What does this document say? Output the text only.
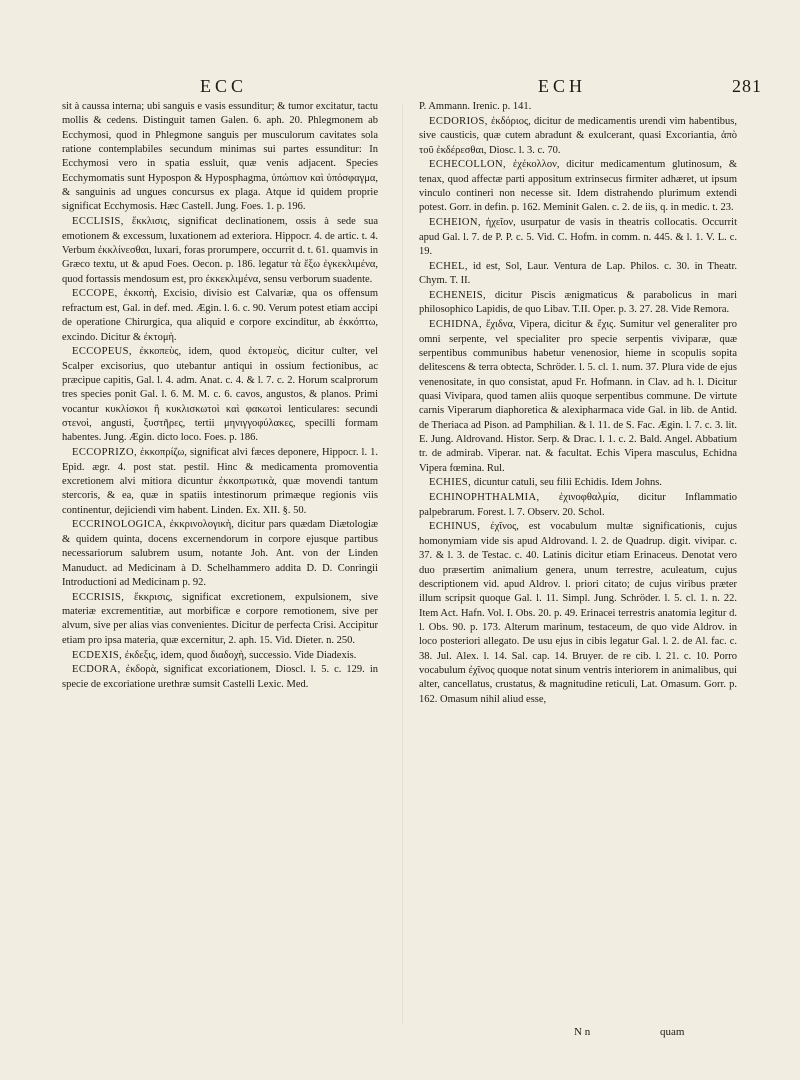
ECC	ECH	281

sit à caussa interna; ubi sanguis e vasis essunditur; & tumor excitatur, tactu mollis & cedens. Distinguit tamen Galen. 6. aph. 20. Phlegmonem ab Ecchymosi, quod in Phlegmone sanguis per musculorum cavitates sola ratione contemplabiles secundum minimas sui partes essunditur: In Ecchymosi vero in spatia essluit, quæ venis adjacent. Species Ecchymomatis sunt Hypospon & Hyposphagma, ὑπώπιον καὶ ὑπόσφαγμα, & sanguinis ad ungues concursus ex plaga. Atque id quidem proprie significat Ecchymosis. Hæc Castell. Jung. Foes. 1. p. 196.

ECCLISIS, ἔκκλισις, significat declinationem, ossis à sede sua emotionem & excessum, luxationem ad exteriora. Hippocr. 4. de artic. t. 4. Verbum ἐκκλίνεσθαι, luxari, foras prorumpere, occurrit d. t. 61. quamvis in Græco textu, ut & apud Foes. Oecon. p. 186. legatur τὰ ἔξω ἐγκεκλιμένα, quod fortassis mendosum est, pro ἐκκεκλιμένα, sensu verborum suadente.

ECCOPE, ἐκκοπὴ, Excisio, divisio est Calvariæ, qua os offensum refractum est, Gal. in def. med. Ægin. l. 6. c. 90. Verum potest etiam accipi de operatione Chirurgica, qua aliquid e corpore excinditur, ab ἐκκόπτω, excindo. Dicitur & ἐκτομὴ.

ECCOPEUS, ἐκκοπεὺς, idem, quod ἐκτομεὺς, dicitur culter, vel Scalper excisorius, quo utebantur antiqui in ossium fectionibus, ac præcipue capitis, Gal. l. 4. adm. Anat. c. 4. & l. 7. c. 2. Horum scalprorum tres species ponit Gal. l. 6. M. M. c. 6. cavos, angustos, & planos. Primi vocantur κυκλίσκοι ἢ κυκλισκωτοὶ καὶ φακωτοὶ lenticulares: secundi στενοὶ, angusti, ξυστῆρες, tertii μηνιγγοφύλακες, specilli formam habentes. Jung. Ægin. dicto loco. Foes. p. 186.

ECCOPRIZO, ἐκκοπρίζω, significat alvi fæces deponere, Hippocr. l. 1. Epid. ægr. 4. post stat. pestil. Hinc & medicamenta promoventia excretionem alvi mitiora dicuntur ἐκκοπρωτικὰ, quæ movendi tantum stercoris, & ea, quæ in spatiis intestinorum primæque regionis viis continentur, dejiciendi vim habent. Linden. Ex. XII. §. 50.

ECCRINOLOGICA, ἐκκρινολογικὴ, dicitur pars quædam Diætologiæ & quidem quinta, docens excernendorum in corpore ejusque partibus necessariorum salubrem usum, notante Joh. Ant. von der Linden Manuduct. ad Medicinam à D. Schelhammero addita D. D. Conringii Introductioni ad Medicinam p. 92.

ECCRISIS, ἔκκρισις, significat excretionem, expulsionem, sive materiæ excrementitiæ, aut morbificæ e corpore remotionem, sive per alvum, sive per alias vias convenientes. Dicitur de perfecta Crisi. Accipitur etiam pro ipsa materia, quæ excernitur, 2. aph. 15. Vid. Dieter. n. 250.

ECDEXIS, ἐκδεξις, idem, quod διαδοχὴ, successio. Vide Diadexis.

ECDORA, ἐκδορὰ, significat excoriationem, Dioscl. l. 5. c. 129. in specie de excoriatione urethræ sumsit Castelli Lexic. Med.

P. Ammann. Irenic. p. 141.

ECDORIOS, ἐκδόριος, dicitur de medicamentis urendi vim habentibus, sive causticis, quæ cutem abradunt & exulcerant, quasi Excoriantia, ἀπὸ τοῦ ἐκδέρεσθαι, Diosc. l. 3. c. 70.

ECHECOLLON, ἐχέκολλον, dicitur medicamentum glutinosum, & tenax, quod affectæ parti appositum extrinsecus firmiter adhæret, ut ipsum vinculo contineri non necesse sit. Idem distrahendo plurimum extendi potest. Gorr. in defin. p. 162. Meminit Galen. c. 2. de iis, q. in medic. t. 23.

ECHEION, ἠχεῖον, usurpatur de vasis in theatris collocatis. Occurrit apud Gal. l. 7. de P. P. c. 5. Vid. C. Hofm. in comm. n. 445. & l. 1. V. L. c. 19.

ECHEL, id est, Sol, Laur. Ventura de Lap. Philos. c. 30. in Theatr. Chym. T. II.

ECHENEIS, dicitur Piscis ænigmaticus & parabolicus in mari philosophico Lapidis, de quo Libav. T.II. Oper. p. 3. 27. 28. Vide Remora.

ECHIDNA, ἔχιδνα, Vipera, dicitur & ἔχις. Sumitur vel generaliter pro omni serpente, vel specialiter pro specie serpentis viviparæ, quæ serpentibus communibus habetur venenosior, hieme in scopulis sopita delitescens & terra obtecta, Schröder. l. 5. cl. 1. num. 37. Plura vide de ejus venenositate, in quo consistat, apud Fr. Hofmann. in Clav. ad h. l. Dicitur quasi Vivipara, quod tamen aliis quoque serpentibus commune. De virtute carnis Viperarum diaphoretica & alexipharmaca vide Gal. in lib. de Antid. de Theriaca ad Pison. ad Pamphilian. & l. 11. de S. Fac. Ægin. l. 7. c. 3. lit. E. Jung. Aldrovand. Histor. Serp. & Drac. l. 1. c. 2. Bald. Angel. Abbatium tr. de admirab. Viperar. nat. & facultat. Echis Vipera masculus, Echidna Vipera fœmina. Rul.

ECHIES, dicuntur catuli, seu filii Echidis. Idem Johns.

ECHINOPHTHALMIA, ἐχινοφθαλμία, dicitur Inflammatio palpebrarum. Forest. l. 7. Observ. 20. Schol.

ECHINUS, ἐχῖνος, est vocabulum multæ significationis, cujus homonymiam vide sis apud Aldrovand. l. 2. de Quadrup. digit. vivipar. c. 37. & l. 3. de Testac. c. 40. Latinis dicitur etiam Erinaceus. Denotat vero duo præsertim animalium genera, unum terrestre, aculeatum, cujus descriptionem vid. apud Aldrov. l. priori citato; de cujus viribus præter illum scripsit quoque Gal. l. 11. Simpl. Jung. Schröder. l. 5. cl. 1. n. 22. Item Act. Hafn. Vol. I. Obs. 20. p. 49. Erinacei terrestris anatomia legitur d. l. Obs. 90. p. 173. Alterum marinum, testaceum, de quo vide Aldrov. in loco posteriori allegato. De usu ejus in cibis legatur Gal. l. 2. de Al. fac. c. 38. Jul. Alex. l. 14. Sal. cap. 14. Bruyer. de re cib. l. 21. c. 10. Porro vocabulum ἐχῖνος quoque notat sinum ventris interiorem in animalibus, qui alter, cancellatus, crustatus, & magnitudine reticuli, Lat. Omasum. Gorr. p. 162. Omasum nihil aliud esse,

N n	quam
